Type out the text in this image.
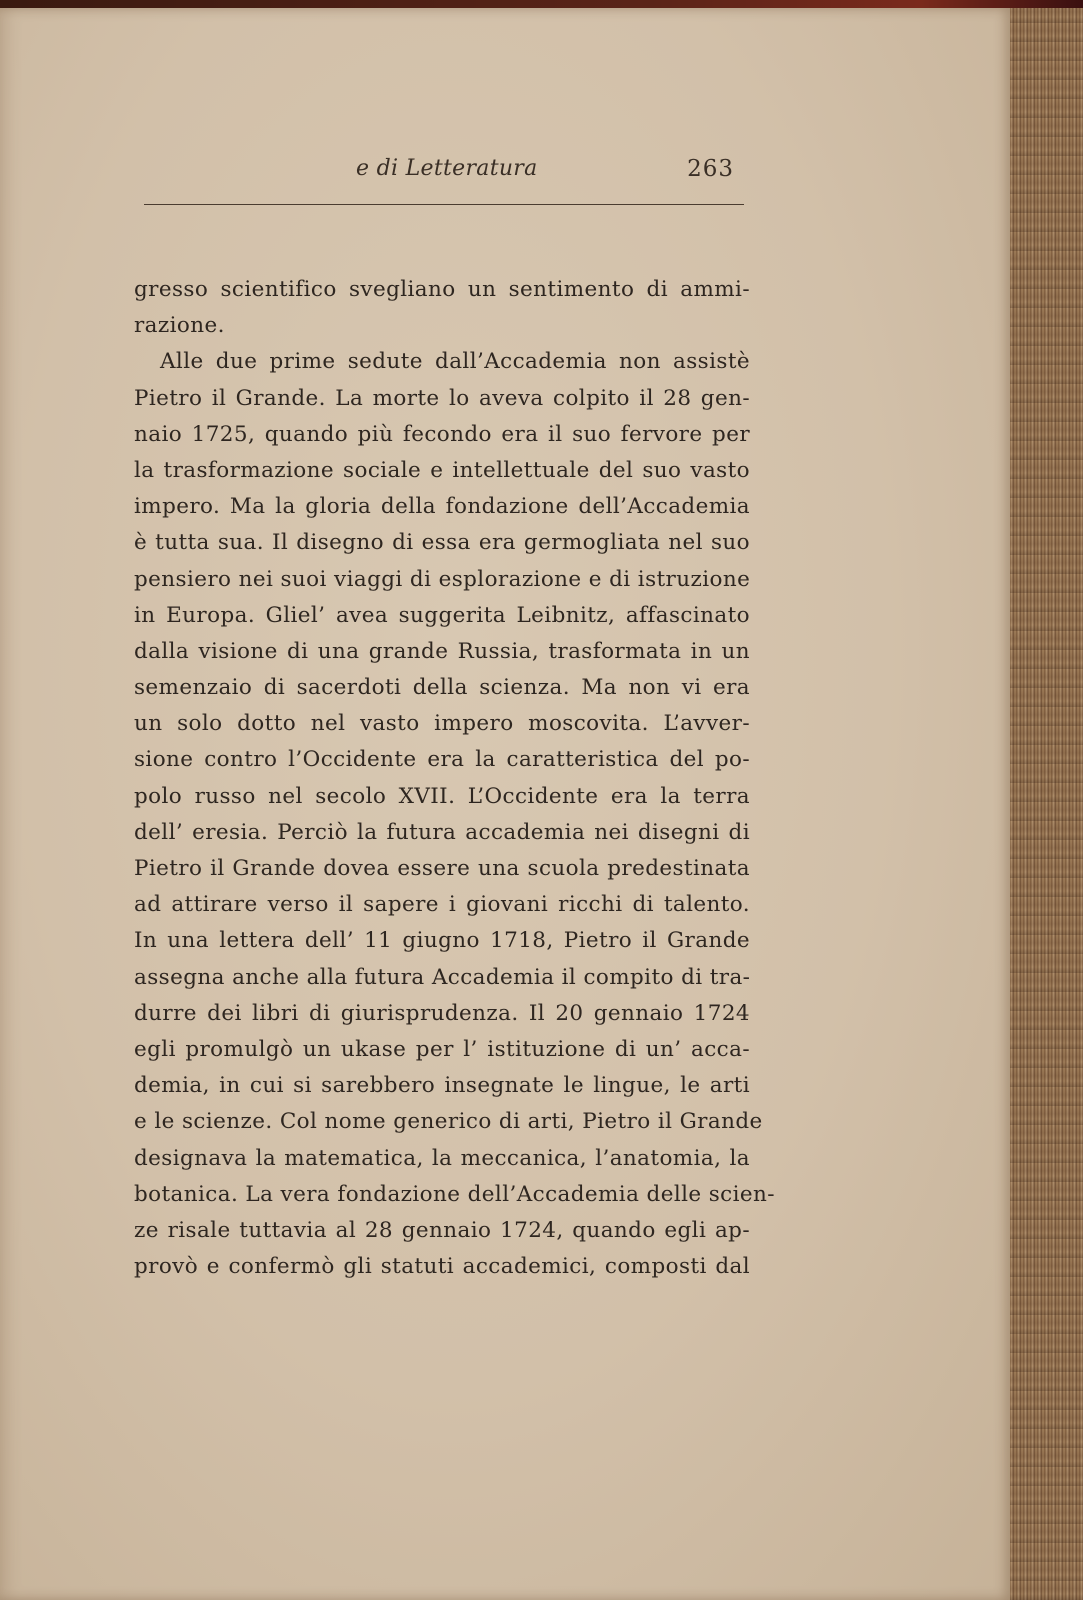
e di Letteratura	263
gresso scientifico svegliano un sentimento di ammi-
razione.
Alle due prime sedute dall’Accademia non assistè
Pietro il Grande. La morte lo aveva colpito il 28 gen-
naio 1725, quando più fecondo era il suo fervore per
la trasformazione sociale e intellettuale del suo vasto
impero. Ma la gloria della fondazione dell’Accademia
è tutta sua. Il disegno di essa era germogliata nel suo
pensiero nei suoi viaggi di esplorazione e di istruzione
in Europa. Gliel’ avea suggerita Leibnitz, affascinato
dalla visione di una grande Russia, trasformata in un
semenzaio di sacerdoti della scienza. Ma non vi era
un solo dotto nel vasto impero moscovita. L’avver-
sione contro l’Occidente era la caratteristica del po-
polo russo nel secolo XVII. L’Occidente era la terra
dell’ eresia. Perciò la futura accademia nei disegni di
Pietro il Grande dovea essere una scuola predestinata
ad attirare verso il sapere i giovani ricchi di talento.
In una lettera dell’ 11 giugno 1718, Pietro il Grande
assegna anche alla futura Accademia il compito di tra-
durre dei libri di giurisprudenza. Il 20 gennaio 1724
egli promulgò un ukase per l’ istituzione di un’ acca-
demia, in cui si sarebbero insegnate le lingue, le arti
e le scienze. Col nome generico di arti, Pietro il Grande
designava la matematica, la meccanica, l’anatomia, la
botanica. La vera fondazione dell’Accademia delle scien-
ze risale tuttavia al 28 gennaio 1724, quando egli ap-
provò e confermò gli statuti accademici, composti dal
